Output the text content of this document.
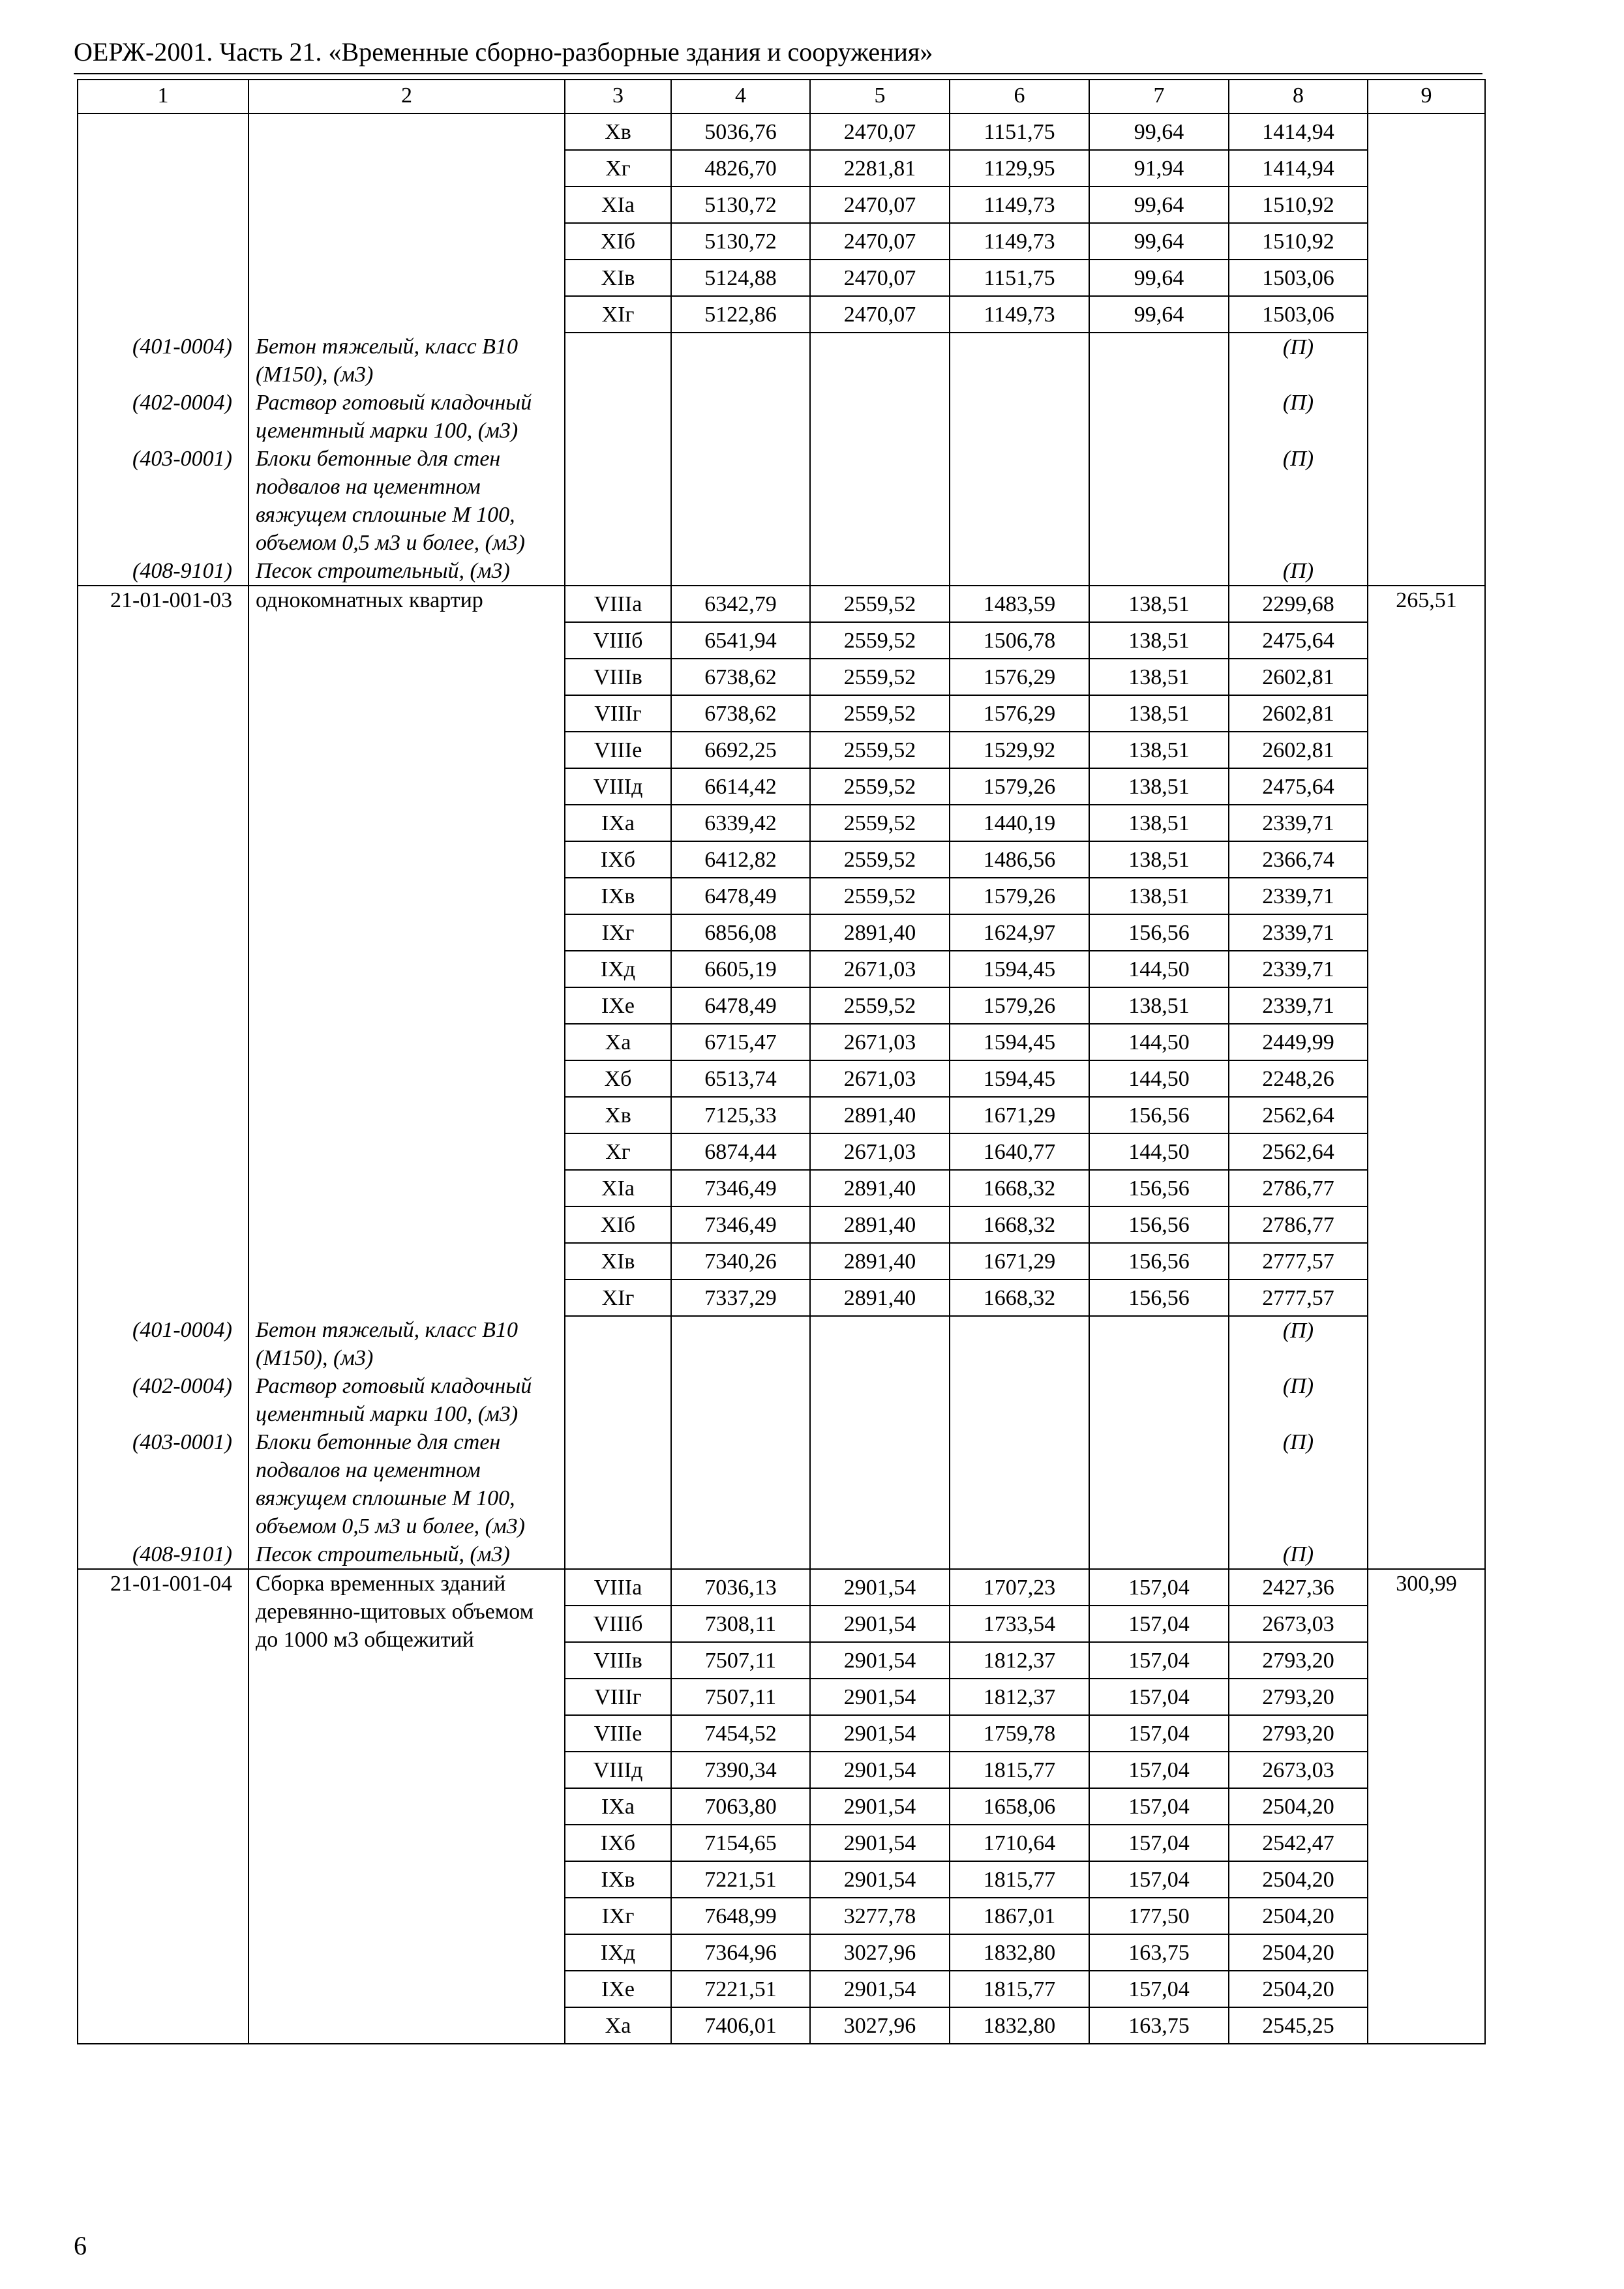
ОЕРЖ-2001. Часть 21. «Временные сборно-разборные здания и сооружения»
1	2	3	4	5	6	7	8	9
		Хв	5036,76	2470,07	1151,75	99,64	1414,94	
		Хг	4826,70	2281,81	1129,95	91,94	1414,94	
		ХIа	5130,72	2470,07	1149,73	99,64	1510,92	
		ХIб	5130,72	2470,07	1149,73	99,64	1510,92	
		ХIв	5124,88	2470,07	1151,75	99,64	1503,06	
		ХIг	5122,86	2470,07	1149,73	99,64	1503,06	
(401-0004)	Бетон тяжелый, класс В10 (М150), (м3)						(П)	
(402-0004)	Раствор готовый кладочный цементный марки 100, (м3)						(П)	
(403-0001)	Блоки бетонные для стен подвалов на цементном вяжущем сплошные М 100, объемом 0,5 м3 и более, (м3)						(П)	
(408-9101)	Песок строительный, (м3)						(П)	
21-01-001-03	однокомнатных квартир	VIIIа	6342,79	2559,52	1483,59	138,51	2299,68	265,51
		VIIIб	6541,94	2559,52	1506,78	138,51	2475,64	
		VIIIв	6738,62	2559,52	1576,29	138,51	2602,81	
		VIIIг	6738,62	2559,52	1576,29	138,51	2602,81	
		VIIIе	6692,25	2559,52	1529,92	138,51	2602,81	
		VIIIд	6614,42	2559,52	1579,26	138,51	2475,64	
		IХа	6339,42	2559,52	1440,19	138,51	2339,71	
		IХб	6412,82	2559,52	1486,56	138,51	2366,74	
		IХв	6478,49	2559,52	1579,26	138,51	2339,71	
		IХг	6856,08	2891,40	1624,97	156,56	2339,71	
		IХд	6605,19	2671,03	1594,45	144,50	2339,71	
		IХе	6478,49	2559,52	1579,26	138,51	2339,71	
		Ха	6715,47	2671,03	1594,45	144,50	2449,99	
		Хб	6513,74	2671,03	1594,45	144,50	2248,26	
		Хв	7125,33	2891,40	1671,29	156,56	2562,64	
		Хг	6874,44	2671,03	1640,77	144,50	2562,64	
		ХIа	7346,49	2891,40	1668,32	156,56	2786,77	
		ХIб	7346,49	2891,40	1668,32	156,56	2786,77	
		ХIв	7340,26	2891,40	1671,29	156,56	2777,57	
		ХIг	7337,29	2891,40	1668,32	156,56	2777,57	
(401-0004)	Бетон тяжелый, класс В10 (М150), (м3)						(П)	
(402-0004)	Раствор готовый кладочный цементный марки 100, (м3)						(П)	
(403-0001)	Блоки бетонные для стен подвалов на цементном вяжущем сплошные М 100, объемом 0,5 м3 и более, (м3)						(П)	
(408-9101)	Песок строительный, (м3)						(П)	
21-01-001-04	Сборка временных зданий деревянно-щитовых объемом до 1000 м3 общежитий	VIIIа	7036,13	2901,54	1707,23	157,04	2427,36	300,99
		VIIIб	7308,11	2901,54	1733,54	157,04	2673,03	
		VIIIв	7507,11	2901,54	1812,37	157,04	2793,20	
		VIIIг	7507,11	2901,54	1812,37	157,04	2793,20	
		VIIIе	7454,52	2901,54	1759,78	157,04	2793,20	
		VIIIд	7390,34	2901,54	1815,77	157,04	2673,03	
		IХа	7063,80	2901,54	1658,06	157,04	2504,20	
		IХб	7154,65	2901,54	1710,64	157,04	2542,47	
		IХв	7221,51	2901,54	1815,77	157,04	2504,20	
		IХг	7648,99	3277,78	1867,01	177,50	2504,20	
		IХд	7364,96	3027,96	1832,80	163,75	2504,20	
		IХе	7221,51	2901,54	1815,77	157,04	2504,20	
		Ха	7406,01	3027,96	1832,80	163,75	2545,25	
6
